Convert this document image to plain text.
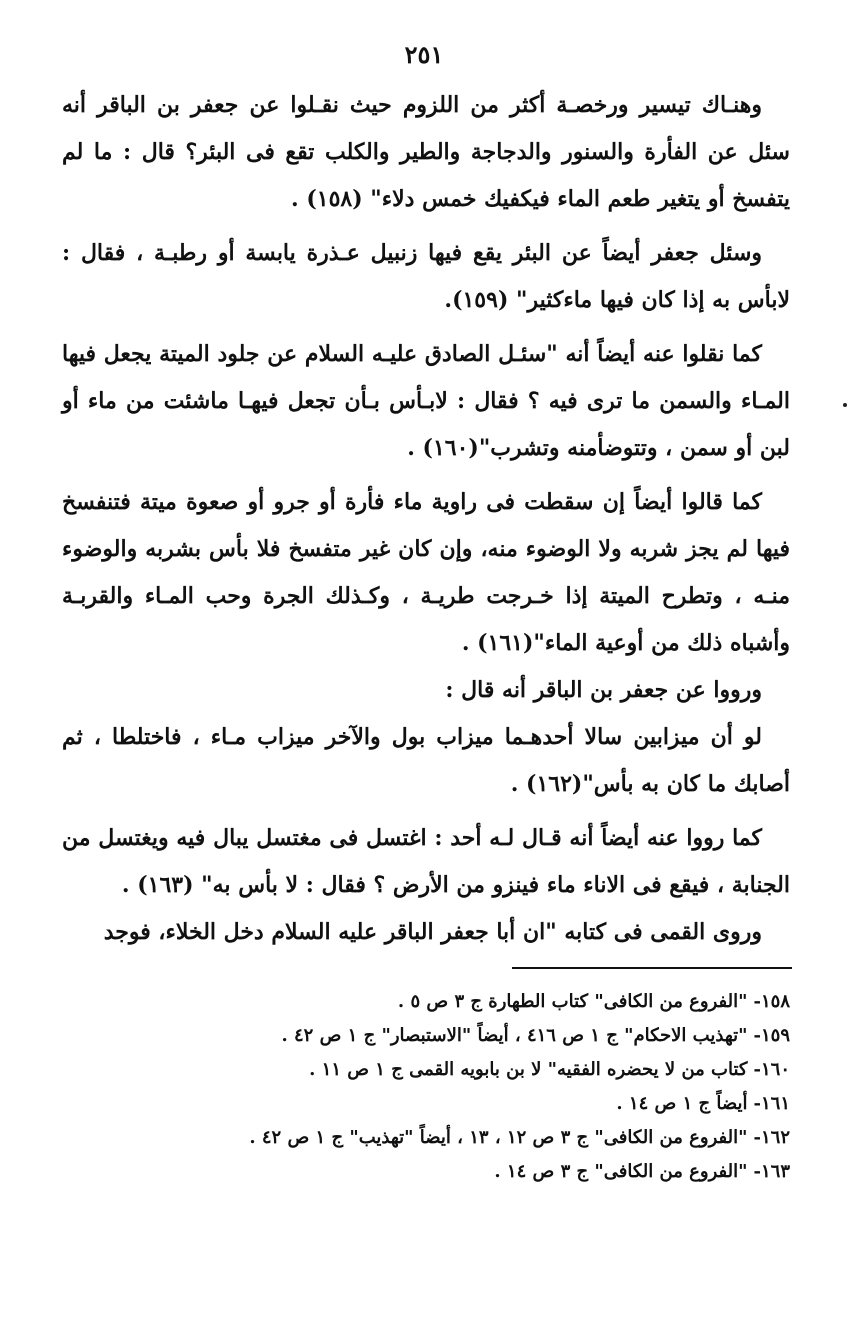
٢٥١

وهنـاك تيسير ورخصـة أكثر من اللزوم حيث نقـلوا عن جعفر بن الباقر أنه سئل عن الفأرة والسنور والدجاجة والطير والكلب تقع فى البئر؟ قال : ما لم يتفسخ أو يتغير طعم الماء فيكفيك خمس دلاء" (١٥٨) .

وسئل جعفر أيضاً عن البئر يقع فيها زنبيل عـذرة يابسة أو رطبـة ، فقال : لابأس به إذا كان فيها ماءكثير" (١٥٩).

كما نقلوا عنه أيضاً أنه "سئـل الصادق عليـه السلام عن جلود الميتة يجعل فيها المـاء والسمن ما ترى فيه ؟ فقال : لابـأس بـأن تجعل فيهـا ماشئت من ماء أو لبن أو سمن ، وتتوضأمنه وتشرب"(١٦٠) .

كما قالوا أيضاً إن سقطت فى راوية ماء فأرة أو جرو أو صعوة ميتة فتنفسخ فيها لم يجز شربه ولا الوضوء منه، وإن كان غير متفسخ فلا بأس بشربه والوضوء منـه ، وتطرح الميتة إذا خـرجت طريـة ، وكـذلك الجرة وحب المـاء والقربـة وأشباه ذلك من أوعية الماء"(١٦١) .

ورووا عن جعفر بن الباقر أنه قال :

لو أن ميزابين سالا أحدهـما ميزاب بول والآخر ميزاب مـاء ، فاختلطا ، ثم أصابك ما كان به بأس"(١٦٢) .

كما رووا عنه أيضاً أنه قـال لـه أحد : اغتسل فى مغتسل يبال فيه ويغتسل من الجنابة ، فيقع فى الاناء ماء فينزو من الأرض ؟ فقال : لا بأس به" (١٦٣) .

وروى القمى فى كتابه "ان أبا جعفر الباقر عليه السلام دخل الخلاء، فوجد

١٥٨-"الفروع من الكافى" كتاب الطهارة ج ٣ ص ٥ .
١٥٩-"تهذيب الاحكام" ج ١ ص ٤١٦ ، أيضاً "الاستبصار" ج ١ ص ٤٢ .
١٦٠-كتاب من لا يحضره الفقيه" لا بن بابويه القمى ج ١ ص ١١ .
١٦١-أيضاً ج ١ ص ١٤ .
١٦٢-"الفروع من الكافى" ج ٣ ص ١٢ ، ١٣ ، أيضاً "تهذيب" ج ١ ص ٤٢ .
١٦٣-"الفروع من الكافى" ج ٣ ص ١٤ .
